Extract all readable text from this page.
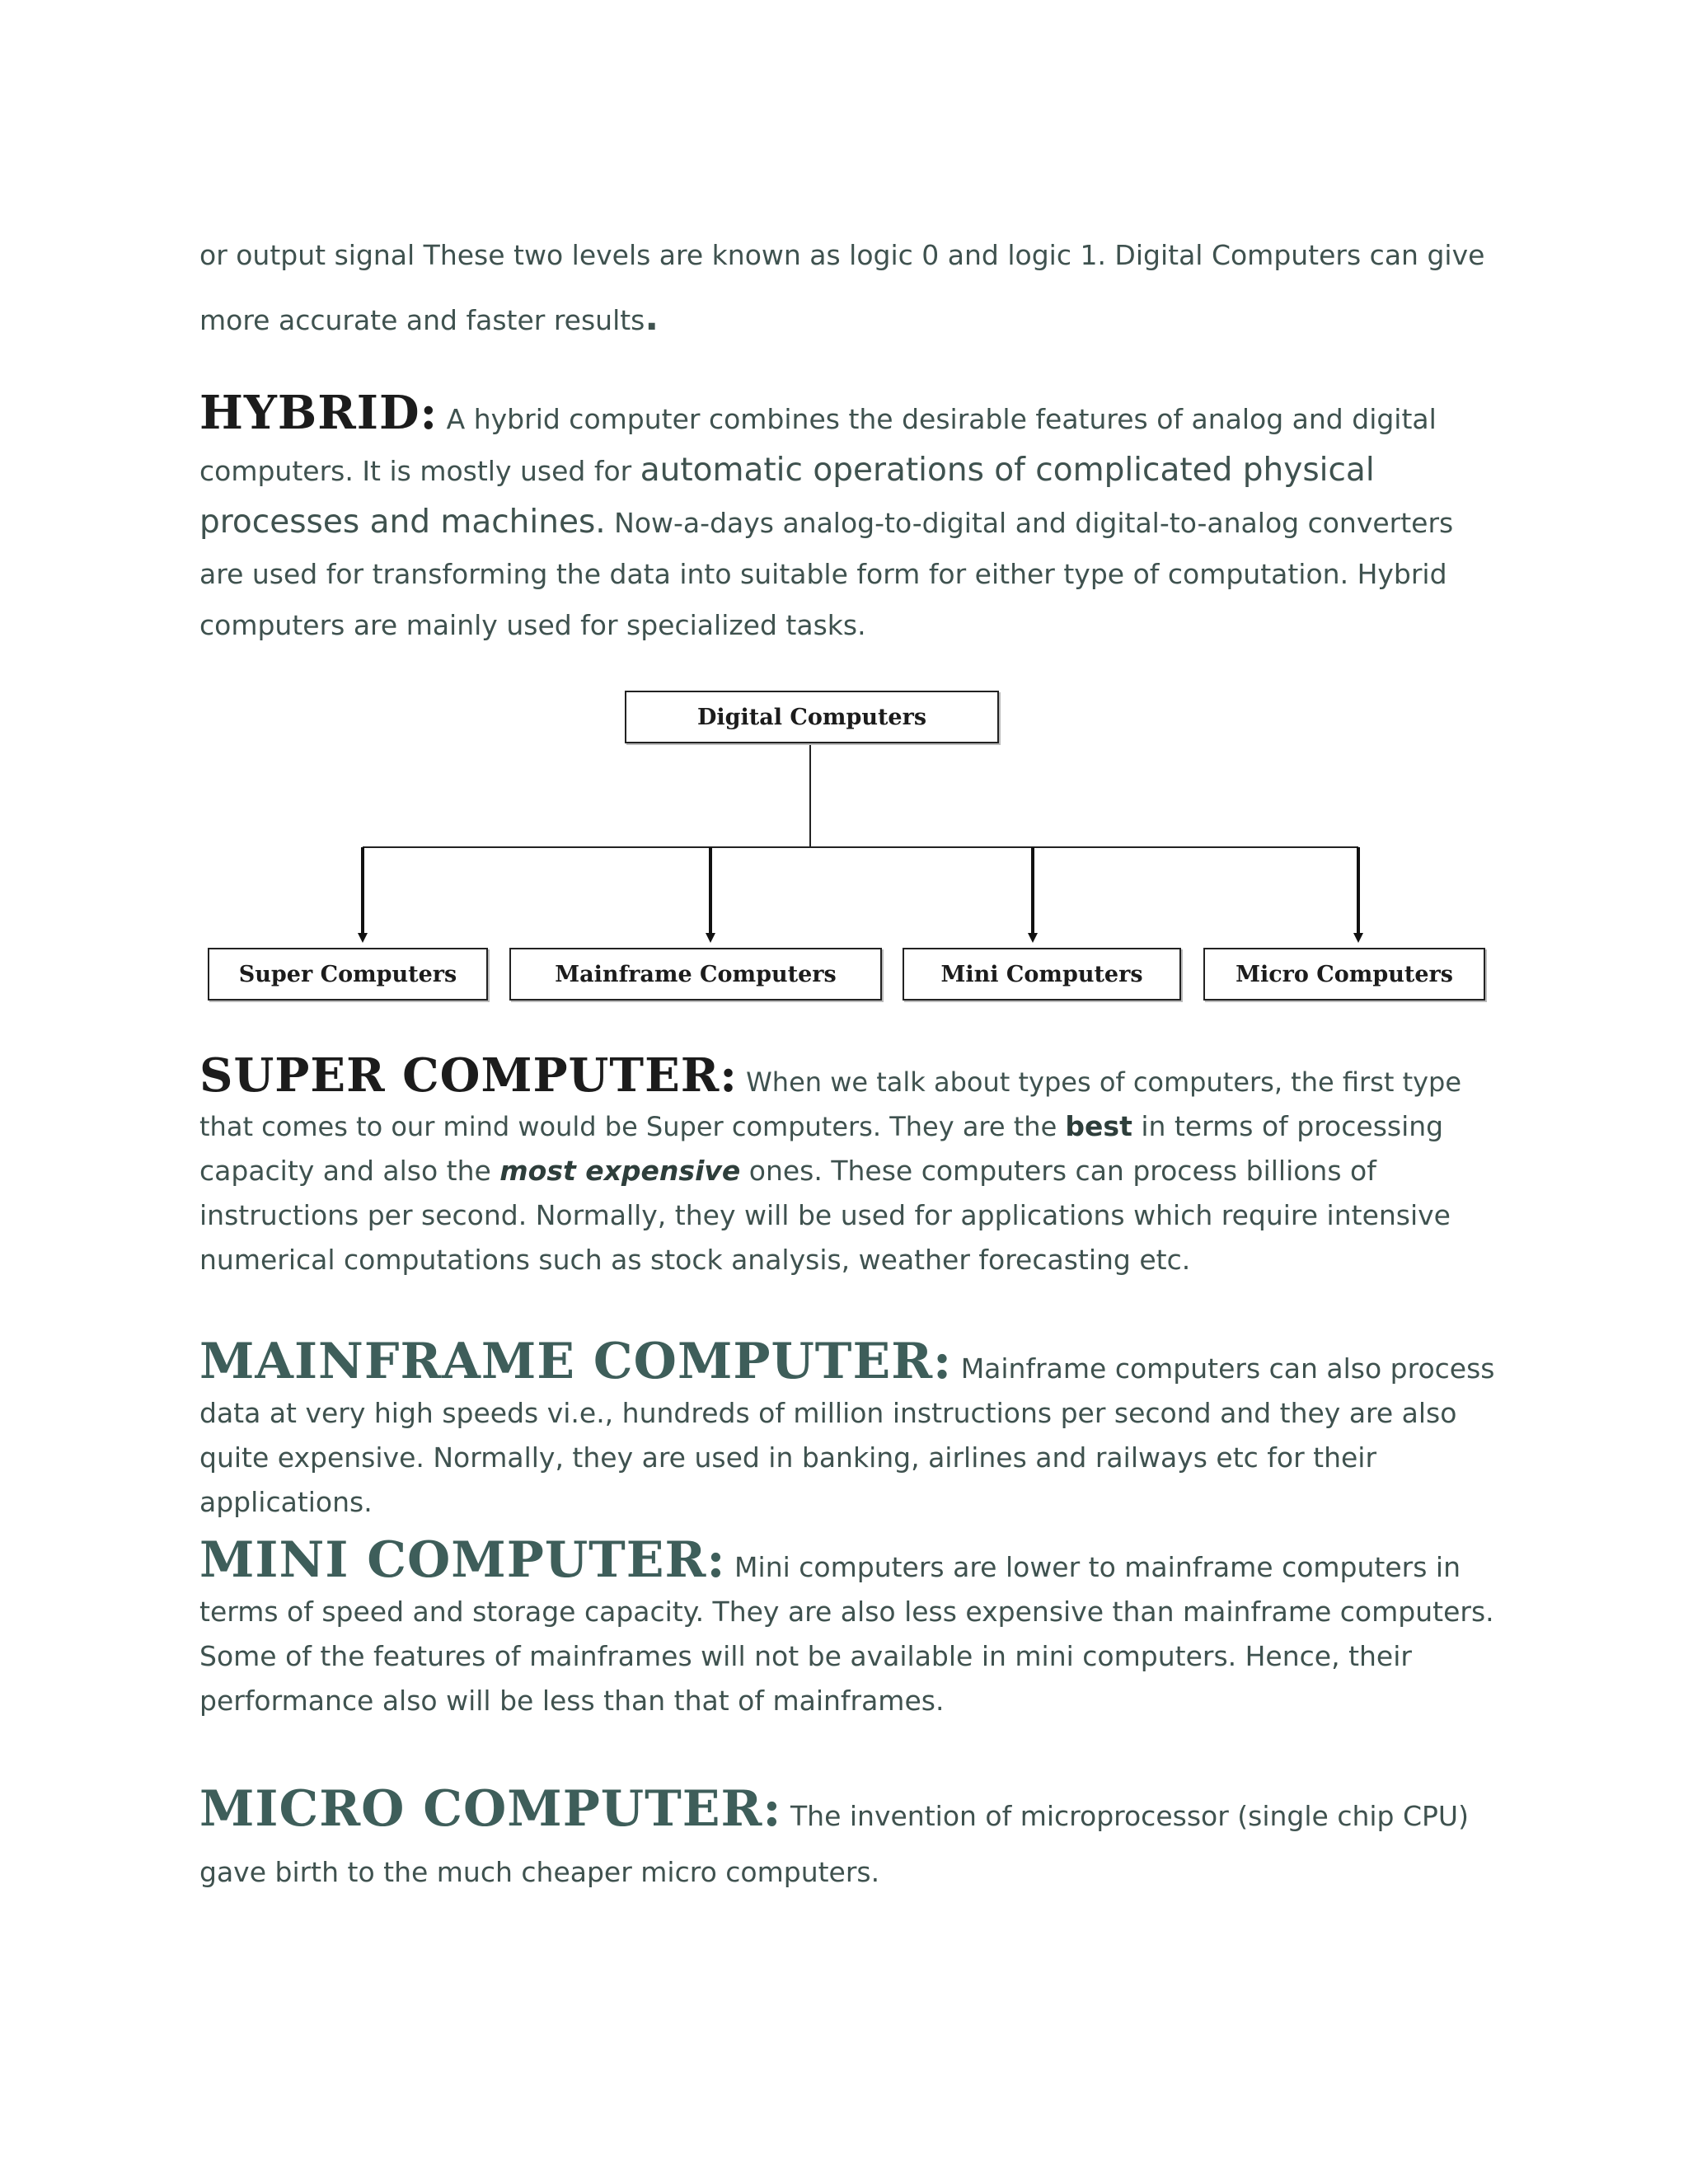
or output signal These two levels are known as logic 0 and logic 1. Digital Computers can give more accurate and faster results.
HYBRID: A hybrid computer combines the desirable features of analog and digital computers. It is mostly used for automatic operations of complicated physical processes and machines. Now-a-days analog-to-digital and digital-to-analog converters are used for transforming the data into suitable form for either type of computation. Hybrid computers are mainly used for specialized tasks.
Digital Computers
Super Computers	Mainframe Computers	Mini Computers	Micro Computers
SUPER COMPUTER: When we talk about types of computers, the first type that comes to our mind would be Super computers. They are the best in terms of processing capacity and also the most expensive ones. These computers can process billions of instructions per second. Normally, they will be used for applications which require intensive numerical computations such as stock analysis, weather forecasting etc.
MAINFRAME COMPUTER: Mainframe computers can also process data at very high speeds vi.e., hundreds of million instructions per second and they are also quite expensive. Normally, they are used in banking, airlines and railways etc for their applications.
MINI COMPUTER: Mini computers are lower to mainframe computers in terms of speed and storage capacity. They are also less expensive than mainframe computers. Some of the features of mainframes will not be available in mini computers. Hence, their performance also will be less than that of mainframes.
MICRO COMPUTER: The invention of microprocessor (single chip CPU) gave birth to the much cheaper micro computers.
